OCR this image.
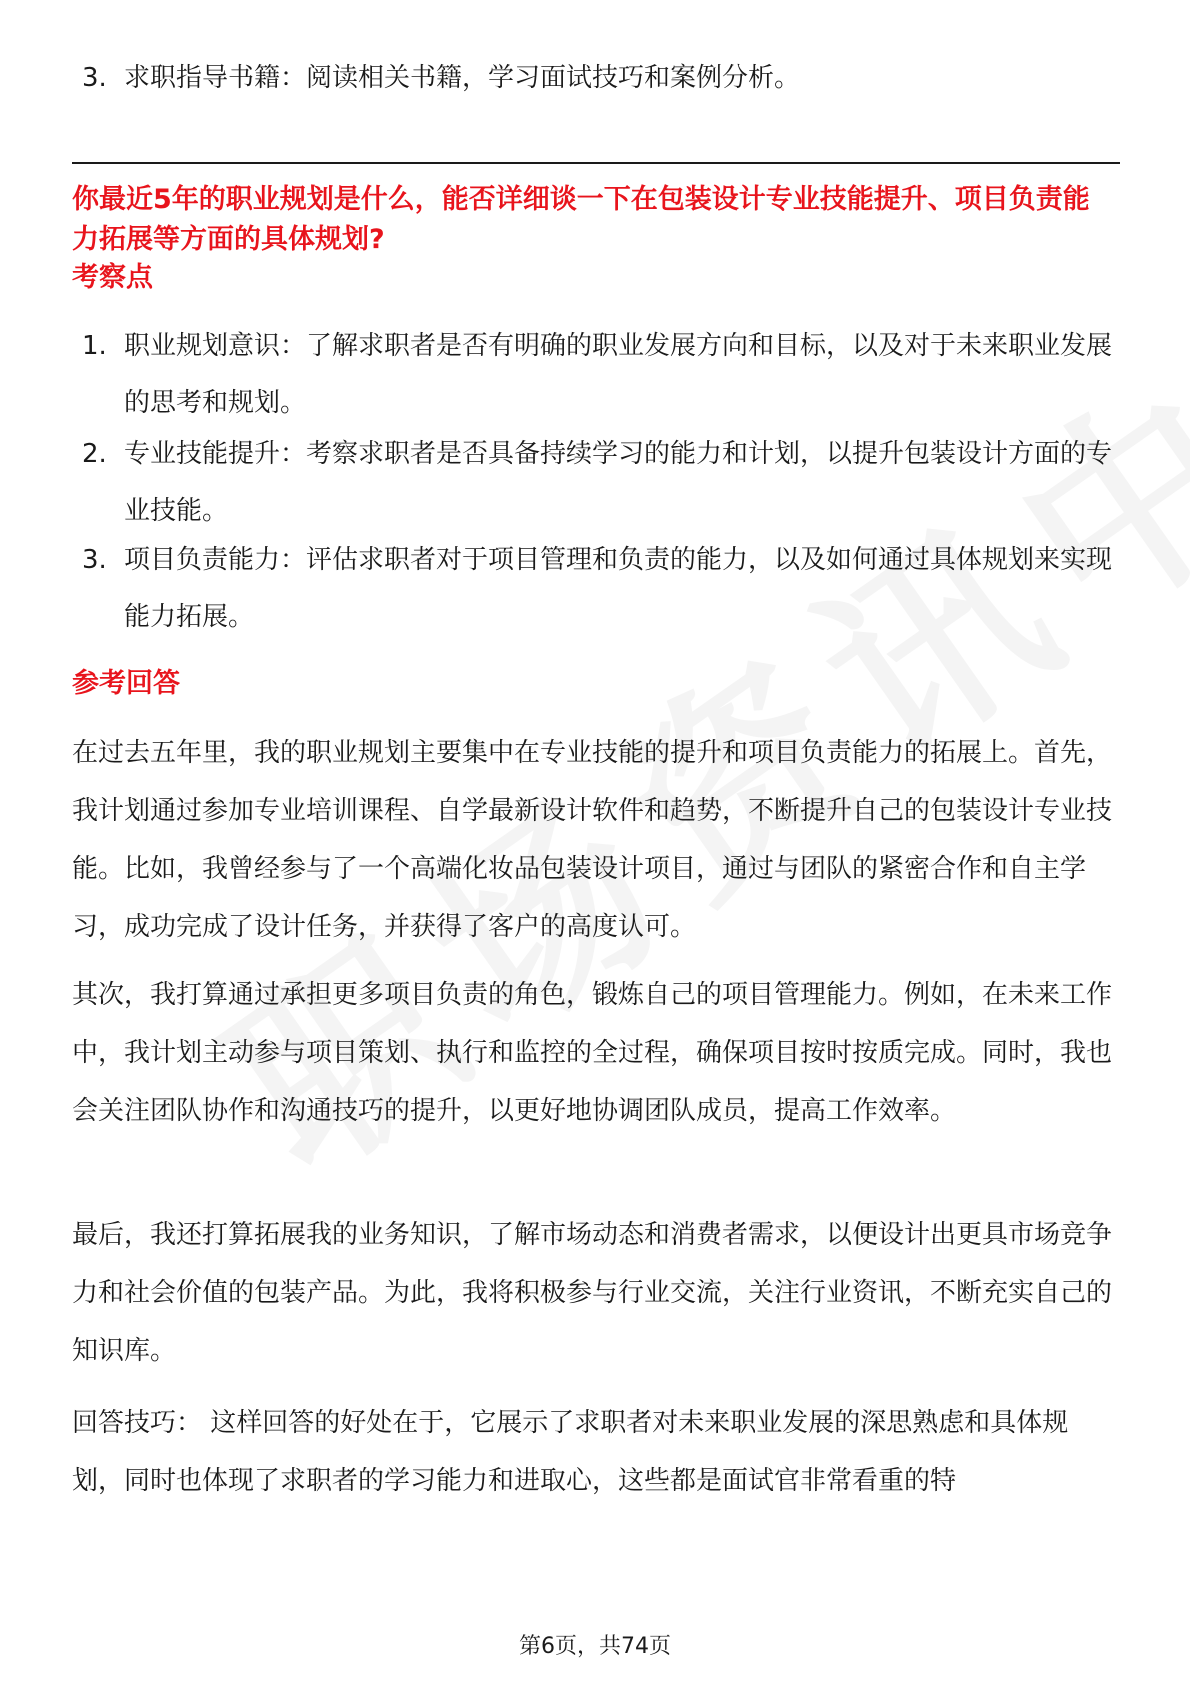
3. 求职指导书籍：阅读相关书籍，学习面试技巧和案例分析。
你最近5年的职业规划是什么，能否详细谈一下在包装设计专业技能提升、项目负责能力拓展等方面的具体规划?
考察点
1. 职业规划意识：了解求职者是否有明确的职业发展方向和目标，以及对于未来职业发展的思考和规划。
2. 专业技能提升：考察求职者是否具备持续学习的能力和计划，以提升包装设计方面的专业技能。
3. 项目负责能力：评估求职者对于项目管理和负责的能力，以及如何通过具体规划来实现能力拓展。
参考回答
在过去五年里，我的职业规划主要集中在专业技能的提升和项目负责能力的拓展上。首先，我计划通过参加专业培训课程、自学最新设计软件和趋势，不断提升自己的包装设计专业技能。比如，我曾经参与了一个高端化妆品包装设计项目，通过与团队的紧密合作和自主学习，成功完成了设计任务，并获得了客户的高度认可。
其次，我打算通过承担更多项目负责的角色，锻炼自己的项目管理能力。例如，在未来工作中，我计划主动参与项目策划、执行和监控的全过程，确保项目按时按质完成。同时，我也会关注团队协作和沟通技巧的提升，以更好地协调团队成员，提高工作效率。
最后，我还打算拓展我的业务知识，了解市场动态和消费者需求，以便设计出更具市场竞争力和社会价值的包装产品。为此，我将积极参与行业交流，关注行业资讯，不断充实自己的知识库。
回答技巧： 这样回答的好处在于，它展示了求职者对未来职业发展的深思熟虑和具体规划，同时也体现了求职者的学习能力和进取心，这些都是面试官非常看重的特
第6页，共74页
